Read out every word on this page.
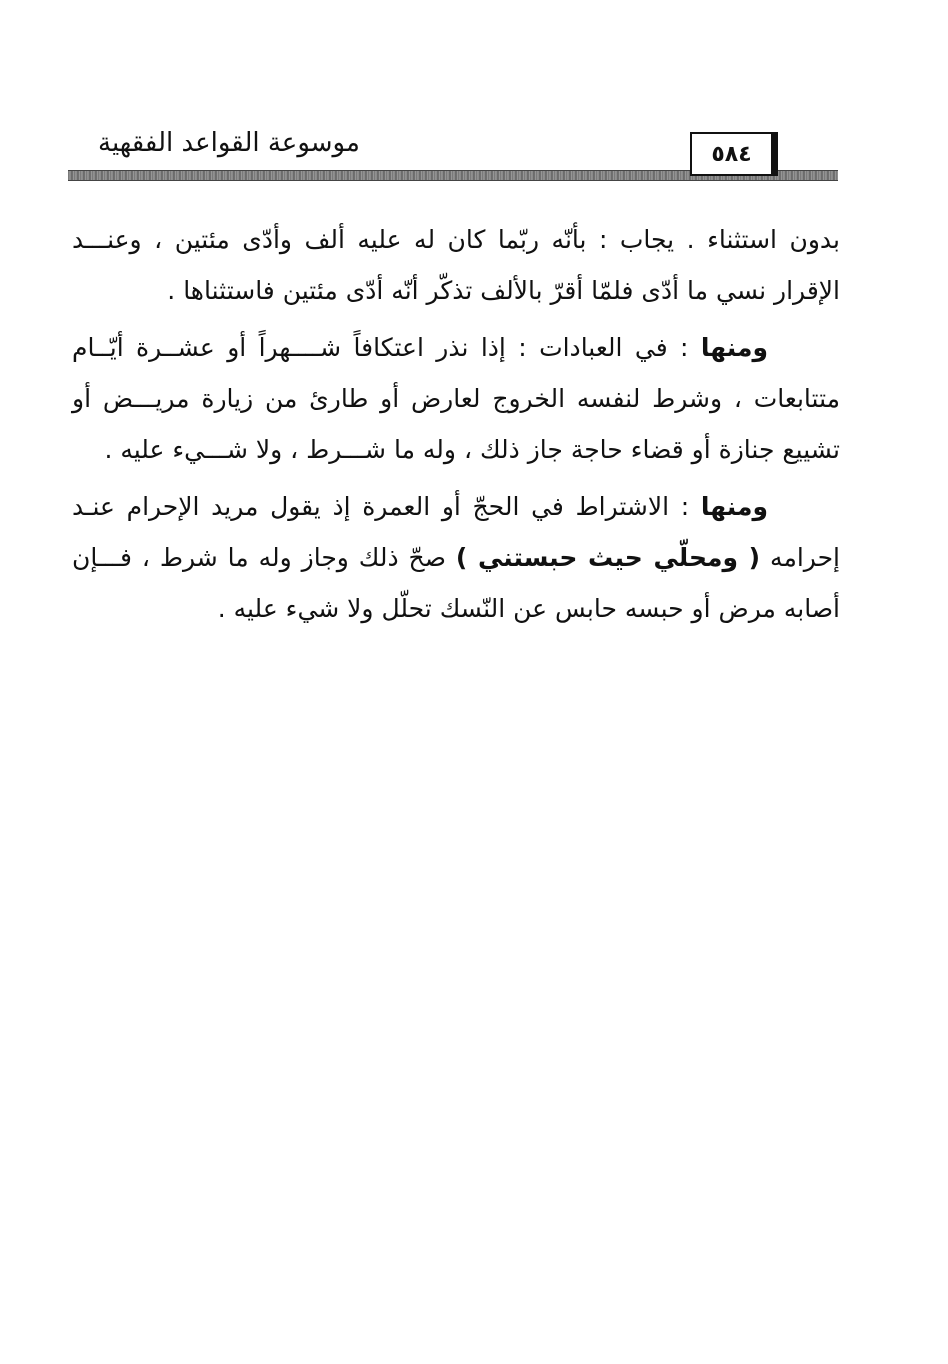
موسوعة القواعد الفقهية	٥٨٤

بدون استثناء . يجاب : بأنّه ربّما كان له عليه ألف وأدّى مئتين ، وعنـــد الإقرار نسي ما أدّى فلمّا أقرّ بالألف تذكّر أنّه أدّى مئتين فاستثناها .

ومنها : في العبادات : إذا نذر اعتكافاً شــــهراً أو عشــرة أيّــام متتابعات ، وشرط لنفسه الخروج لعارض أو طارئ من زيارة مريـــض أو تشييع جنازة أو قضاء حاجة جاز ذلك ، وله ما شـــرط ، ولا شـــيء عليه .

ومنها : الاشتراط في الحجّ أو العمرة إذ يقول مريد الإحرام عنـد إحرامه ( ومحلّي حيث حبستني ) صحّ ذلك وجاز وله ما شرط ، فـــإن أصابه مرض أو حبسه حابس عن النّسك تحلّل ولا شيء عليه .
